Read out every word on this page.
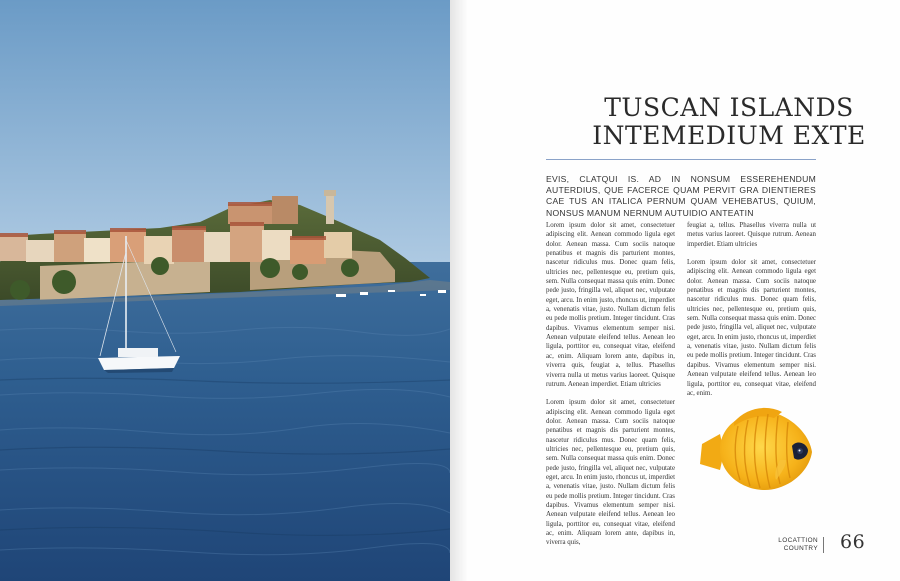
TUSCAN ISLANDS
INTEMEDIUM EXTE

EVIS, CLATQUI IS. AD IN NONSUM ESSEREHENDUM AUTERDIUS, QUE FACERCE QUAM PERVIT GRA DIENTIERES CAE TUS AN ITALICA PERNUM QUAM VEHEBATUS, QUIUM, NONSUS MANUM NERNUM AUTUIDIO ANTEATIN

Lorem ipsum dolor sit amet, consectetuer adipiscing elit. Aenean commodo ligula eget dolor. Aenean massa. Cum sociis natoque penatibus et magnis dis parturient montes, nascetur ridiculus mus. Donec quam felis, ultricies nec, pellentesque eu, pretium quis, sem. Nulla consequat massa quis enim. Donec pede justo, fringilla vel, aliquet nec, vulputate eget, arcu. In enim justo, rhoncus ut, imperdiet a, venenatis vitae, justo. Nullam dictum felis eu pede mollis pretium. Integer tincidunt. Cras dapibus. Vivamus elementum semper nisi. Aenean vulputate eleifend tellus. Aenean leo ligula, porttitor eu, consequat vitae, eleifend ac, enim. Aliquam lorem ante, dapibus in, viverra quis, feugiat a, tellus. Phasellus viverra nulla ut metus varius laoreet. Quisque rutrum. Aenean imperdiet. Etiam ultricies

Lorem ipsum dolor sit amet, consectetuer adipiscing elit. Aenean commodo ligula eget dolor. Aenean massa. Cum sociis natoque penatibus et magnis dis parturient montes, nascetur ridiculus mus. Donec quam felis, ultricies nec, pellentesque eu, pretium quis, sem. Nulla consequat massa quis enim. Donec pede justo, fringilla vel, aliquet nec, vulputate eget, arcu. In enim justo, rhoncus ut, imperdiet a, venenatis vitae, justo. Nullam dictum felis eu pede mollis pretium. Integer tincidunt. Cras dapibus. Vivamus elementum semper nisi. Aenean vulputate eleifend tellus. Aenean leo ligula, porttitor eu, consequat vitae, eleifend ac, enim. Aliquam lorem ante, dapibus in, viverra quis,

feugiat a, tellus. Phasellus viverra nulla ut metus varius laoreet. Quisque rutrum. Aenean imperdiet. Etiam ultricies

Lorem ipsum dolor sit amet, consectetuer adipiscing elit. Aenean commodo ligula eget dolor. Aenean massa. Cum sociis natoque penatibus et magnis dis parturient montes, nascetur ridiculus mus. Donec quam felis, ultricies nec, pellentesque eu, pretium quis, sem. Nulla consequat massa quis enim. Donec pede justo, fringilla vel, aliquet nec, vulputate eget, arcu. In enim justo, rhoncus ut, imperdiet a, venenatis vitae, justo. Nullam dictum felis eu pede mollis pretium. Integer tincidunt. Cras dapibus. Vivamus elementum semper nisi. Aenean vulputate eleifend tellus. Aenean leo ligula, porttitor eu, consequat vitae, eleifend ac, enim.

LOCATTION
COUNTRY 66
